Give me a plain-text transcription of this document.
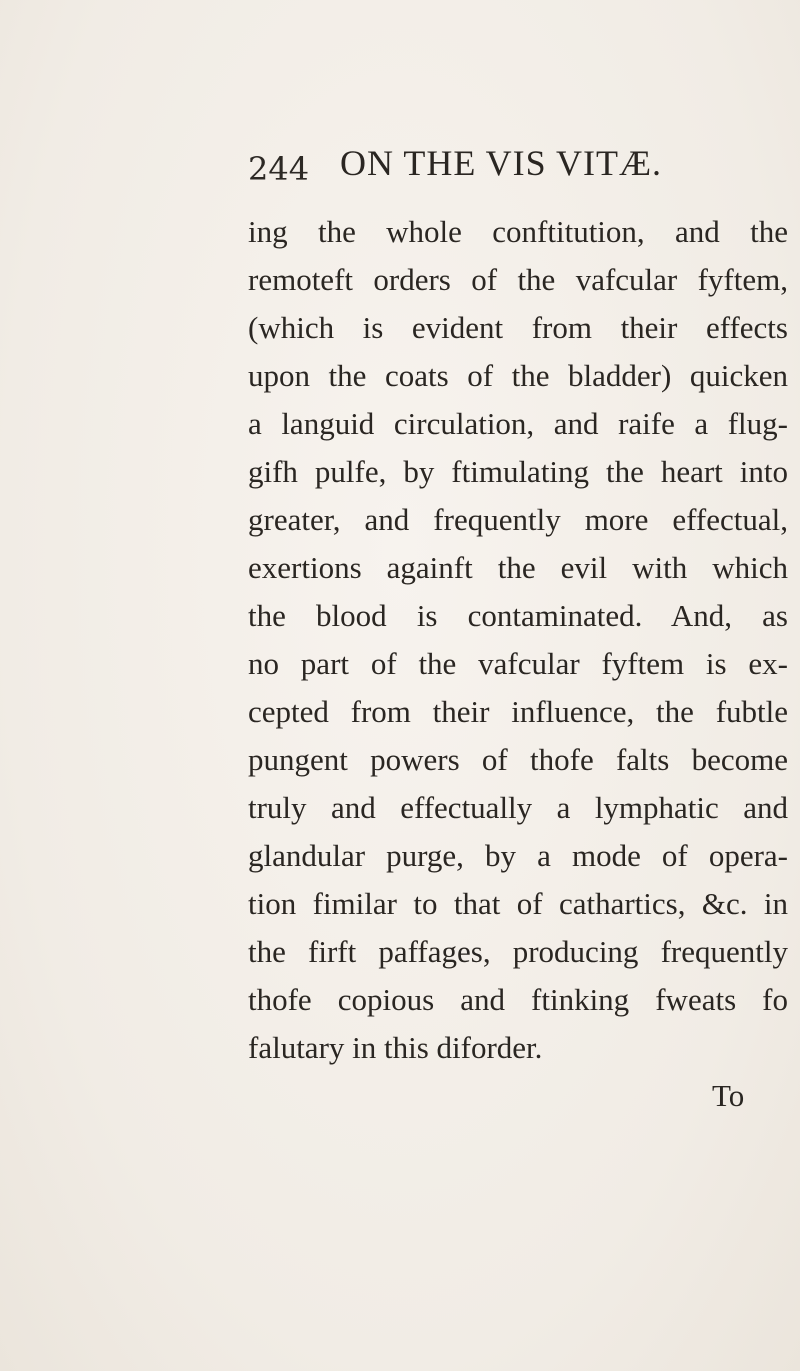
244 ON THE VIS VITÆ.
ing the whole conftitution, and the
remoteft orders of the vafcular fyftem,
(which is evident from their effects
upon the coats of the bladder) quicken
a languid circulation, and raife a flug-
gifh pulfe, by ftimulating the heart into
greater, and frequently more effectual,
exertions againft the evil with which
the blood is contaminated. And, as
no part of the vafcular fyftem is ex-
cepted from their influence, the fubtle
pungent powers of thofe falts become
truly and effectually a lymphatic and
glandular purge, by a mode of opera-
tion fimilar to that of cathartics, &c. in
the firft paffages, producing frequently
thofe copious and ftinking fweats fo
falutary in this diforder.
To
